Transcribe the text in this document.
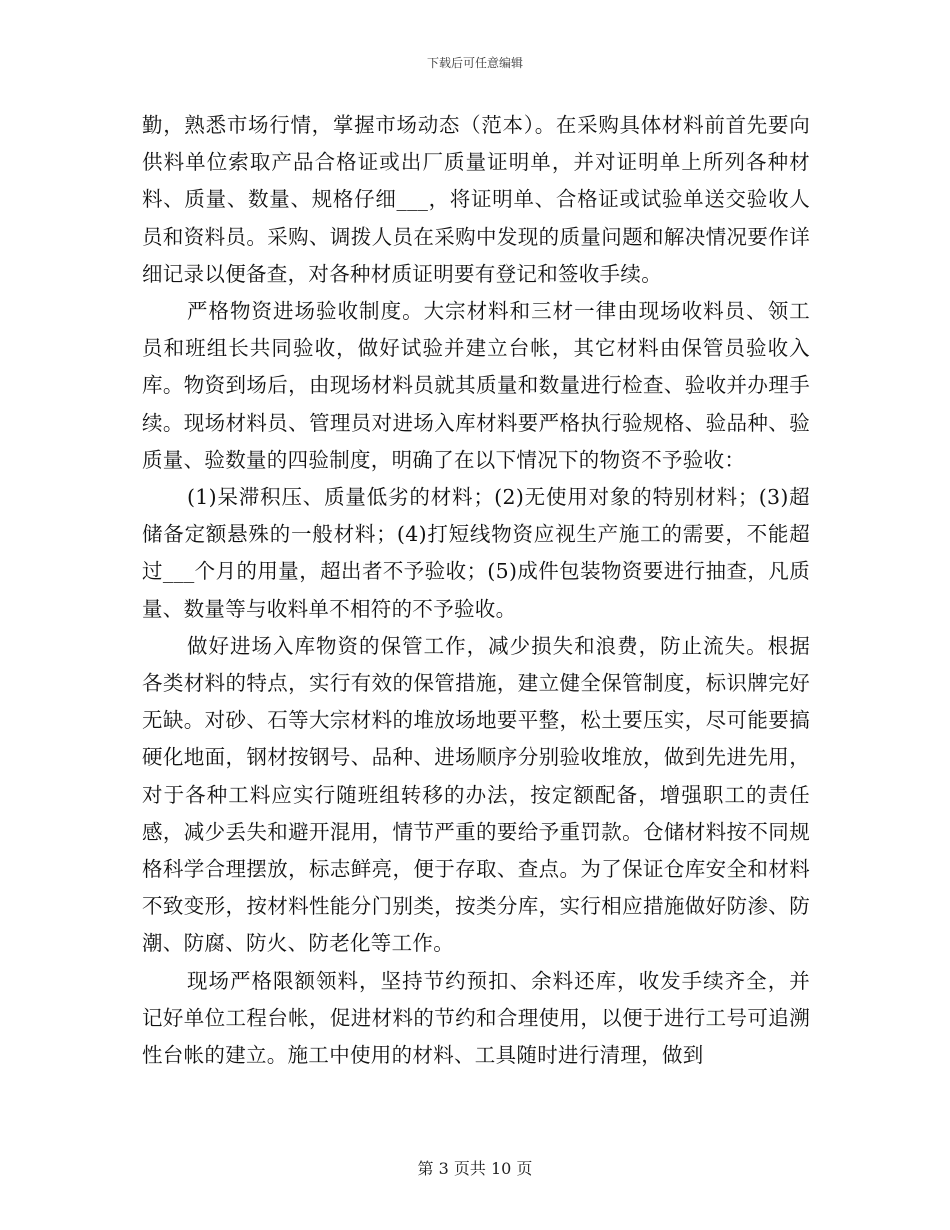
下载后可任意编辑

勤，熟悉市场行情，掌握市场动态（范本）。在采购具体材料前首先要向供料单位索取产品合格证或出厂质量证明单，并对证明单上所列各种材料、质量、数量、规格仔细___，将证明单、合格证或试验单送交验收人员和资料员。采购、调拨人员在采购中发现的质量问题和解决情况要作详细记录以便备查，对各种材质证明要有登记和签收手续。

严格物资进场验收制度。大宗材料和三材一律由现场收料员、领工员和班组长共同验收，做好试验并建立台帐，其它材料由保管员验收入库。物资到场后，由现场材料员就其质量和数量进行检查、验收并办理手续。现场材料员、管理员对进场入库材料要严格执行验规格、验品种、验质量、验数量的四验制度，明确了在以下情况下的物资不予验收：

(1)呆滞积压、质量低劣的材料；(2)无使用对象的特别材料；(3)超储备定额悬殊的一般材料；(4)打短线物资应视生产施工的需要，不能超过___个月的用量，超出者不予验收；(5)成件包装物资要进行抽查，凡质量、数量等与收料单不相符的不予验收。

做好进场入库物资的保管工作，减少损失和浪费，防止流失。根据各类材料的特点，实行有效的保管措施，建立健全保管制度，标识牌完好无缺。对砂、石等大宗材料的堆放场地要平整，松土要压实，尽可能要搞硬化地面，钢材按钢号、品种、进场顺序分别验收堆放，做到先进先用，对于各种工料应实行随班组转移的办法，按定额配备，增强职工的责任感，减少丢失和避开混用，情节严重的要给予重罚款。仓储材料按不同规格科学合理摆放，标志鲜亮，便于存取、查点。为了保证仓库安全和材料不致变形，按材料性能分门别类，按类分库，实行相应措施做好防渗、防潮、防腐、防火、防老化等工作。

现场严格限额领料，坚持节约预扣、余料还库，收发手续齐全，并记好单位工程台帐，促进材料的节约和合理使用，以便于进行工号可追溯性台帐的建立。施工中使用的材料、工具随时进行清理，做到

第 3 页共 10 页
